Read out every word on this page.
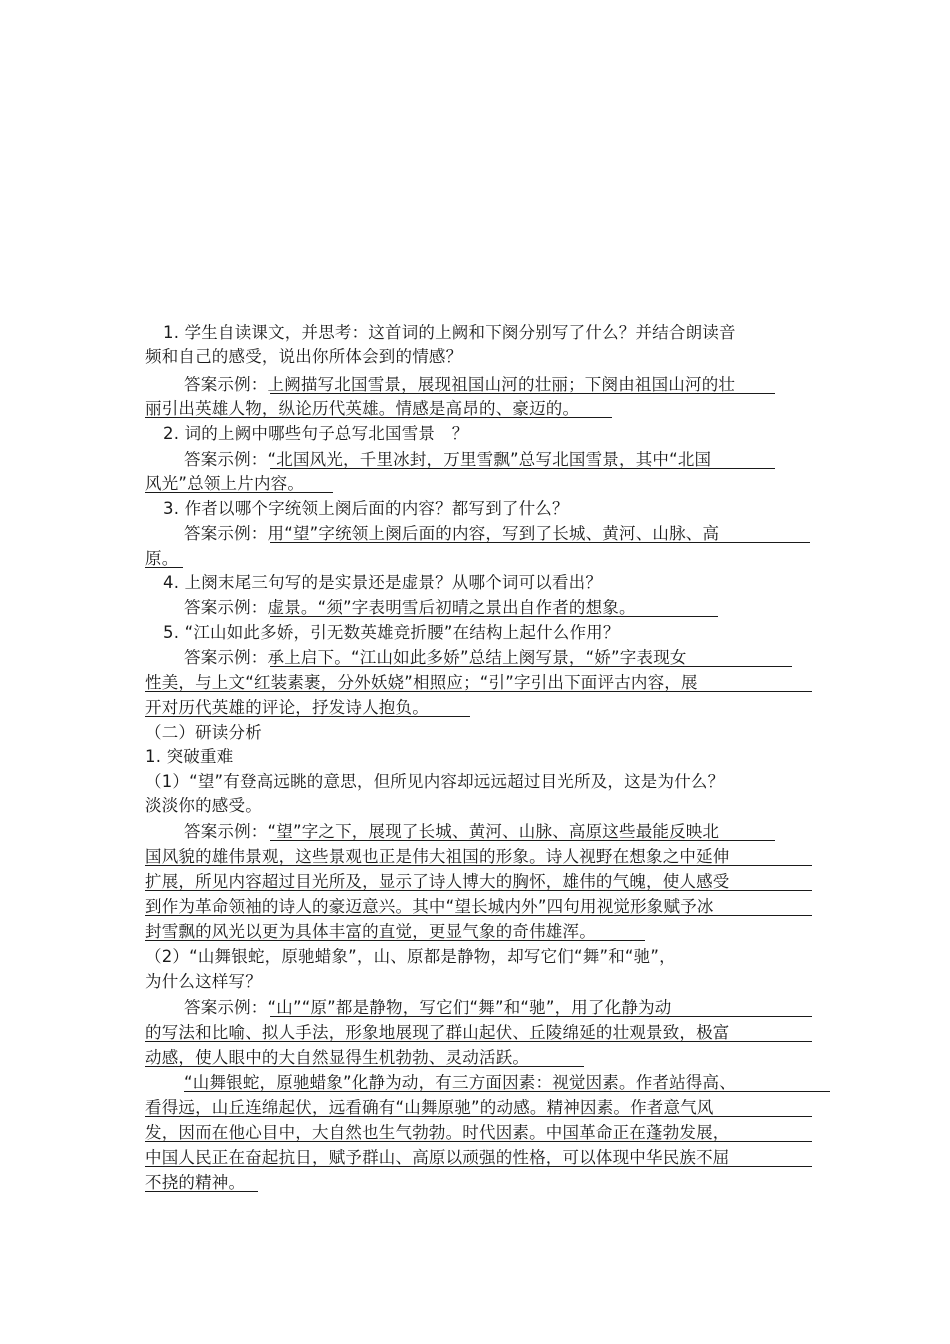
1. 学生自读课文，并思考：这首词的上阙和下阕分别写了什么？并结合朗读音
频和自己的感受，说出你所体会到的情感？
答案示例：上阙描写北国雪景，展现祖国山河的壮丽；下阕由祖国山河的壮
丽引出英雄人物，纵论历代英雄。情感是高昂的、豪迈的。
2. 词的上阙中哪些句子总写北国雪景　？
答案示例：“北国风光，千里冰封，万里雪飘”总写北国雪景，其中“北国
风光”总领上片内容。
3. 作者以哪个字统领上阕后面的内容？都写到了什么？
答案示例：用“望”字统领上阕后面的内容，写到了长城、黄河、山脉、高
原。
4. 上阕末尾三句写的是实景还是虚景？从哪个词可以看出？
答案示例：虚景。“须”字表明雪后初晴之景出自作者的想象。
5. “江山如此多娇，引无数英雄竞折腰”在结构上起什么作用？
答案示例：承上启下。“江山如此多娇”总结上阕写景，“娇”字表现女
性美，与上文“红装素裹，分外妖娆”相照应；“引”字引出下面评古内容，展
开对历代英雄的评论，抒发诗人抱负。
（二）研读分析
1. 突破重难
（1）“望”有登高远眺的意思，但所见内容却远远超过目光所及，这是为什么？
淡淡你的感受。
答案示例：“望”字之下，展现了长城、黄河、山脉、高原这些最能反映北
国风貌的雄伟景观，这些景观也正是伟大祖国的形象。诗人视野在想象之中延伸
扩展，所见内容超过目光所及，显示了诗人博大的胸怀，雄伟的气魄，使人感受
到作为革命领袖的诗人的豪迈意兴。其中“望长城内外”四句用视觉形象赋予冰
封雪飘的风光以更为具体丰富的直觉，更显气象的奇伟雄浑。
（2）“山舞银蛇，原驰蜡象”，山、原都是静物，却写它们“舞”和“驰”，
为什么这样写？
答案示例：“山”“原”都是静物，写它们“舞”和“驰”，用了化静为动
的写法和比喻、拟人手法，形象地展现了群山起伏、丘陵绵延的壮观景致，极富
动感，使人眼中的大自然显得生机勃勃、灵动活跃。
“山舞银蛇，原驰蜡象”化静为动，有三方面因素：视觉因素。作者站得高、
看得远，山丘连绵起伏，远看确有“山舞原驰”的动感。精神因素。作者意气风
发，因而在他心目中，大自然也生气勃勃。时代因素。中国革命正在蓬勃发展，
中国人民正在奋起抗日，赋予群山、高原以顽强的性格，可以体现中华民族不屈
不挠的精神。
